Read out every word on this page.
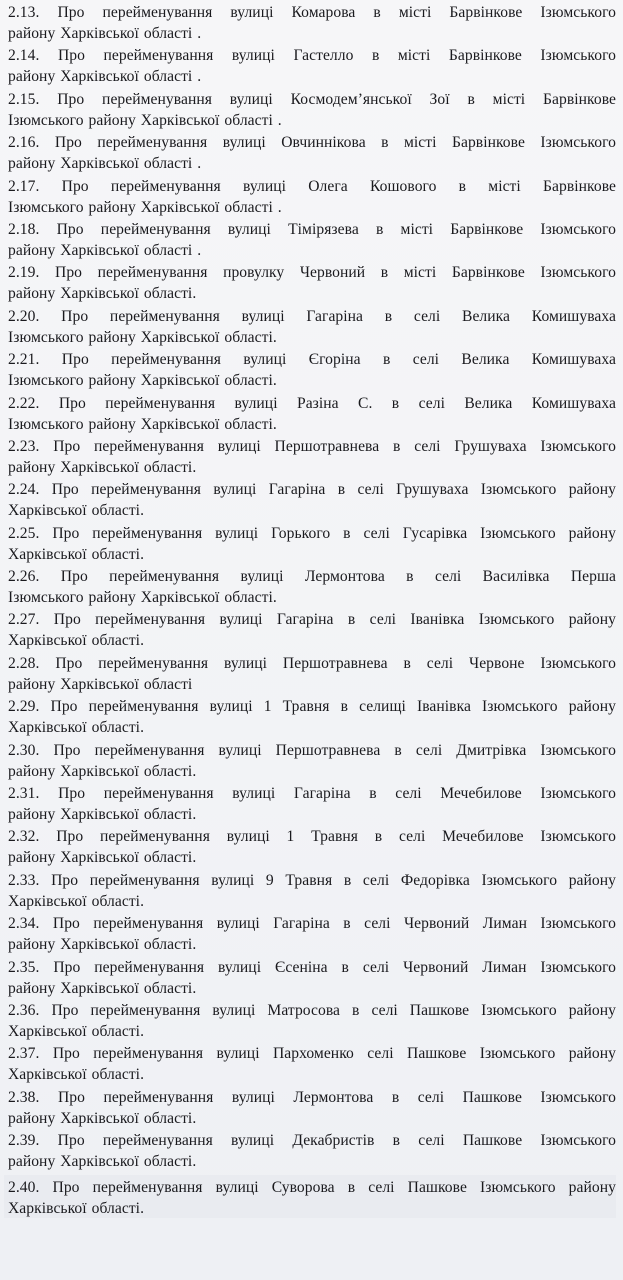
2.13. Про перейменування вулиці Комарова в місті Барвінкове Ізюмського
району Харківської області .
2.14. Про перейменування вулиці Гастелло в місті Барвінкове Ізюмського
району Харківської області .
2.15. Про перейменування вулиці Космодем’янської Зої в місті Барвінкове
Ізюмського району Харківської області .
2.16. Про перейменування вулиці Овчиннікова в місті Барвінкове Ізюмського
району Харківської області .
2.17. Про перейменування вулиці Олега Кошового в місті Барвінкове
Ізюмського району Харківської області .
2.18. Про перейменування вулиці Тімірязева в місті Барвінкове Ізюмського
району Харківської області .
2.19. Про перейменування провулку Червоний в місті Барвінкове Ізюмського
району Харківської області.
2.20. Про перейменування вулиці Гагаріна в селі Велика Комишуваха
Ізюмського району Харківської області.
2.21. Про перейменування вулиці Єгоріна в селі Велика Комишуваха
Ізюмського району Харківської області.
2.22. Про перейменування вулиці Разіна С. в селі Велика Комишуваха
Ізюмського району Харківської області.
2.23. Про перейменування вулиці Першотравнева в селі Грушуваха Ізюмського
району Харківської області.
2.24. Про перейменування вулиці Гагаріна в селі Грушуваха Ізюмського району
Харківської області.
2.25. Про перейменування вулиці Горького в селі Гусарівка Ізюмського району
Харківської області.
2.26. Про перейменування вулиці Лермонтова в селі Василівка Перша
Ізюмського району Харківської області.
2.27. Про перейменування вулиці Гагаріна в селі Іванівка Ізюмського району
Харківської області.
2.28. Про перейменування вулиці Першотравнева в селі Червоне Ізюмського
району Харківської області
2.29. Про перейменування вулиці 1 Травня в селищі Іванівка Ізюмського району
Харківської області.
2.30. Про перейменування вулиці Першотравнева в селі Дмитрівка Ізюмського
району Харківської області.
2.31. Про перейменування вулиці Гагаріна в селі Мечебилове Ізюмського
району Харківської області.
2.32. Про перейменування вулиці 1 Травня в селі Мечебилове Ізюмського
району Харківської області.
2.33. Про перейменування вулиці 9 Травня в селі Федорівка Ізюмського району
Харківської області.
2.34. Про перейменування вулиці Гагаріна в селі Червоний Лиман Ізюмського
району Харківської області.
2.35. Про перейменування вулиці Єсеніна в селі Червоний Лиман Ізюмського
району Харківської області.
2.36. Про перейменування вулиці Матросова в селі Пашкове Ізюмського району
Харківської області.
2.37. Про перейменування вулиці Пархоменко селі Пашкове Ізюмського району
Харківської області.
2.38. Про перейменування вулиці Лермонтова в селі Пашкове Ізюмського
району Харківської області.
2.39. Про перейменування вулиці Декабристів в селі Пашкове Ізюмського
району Харківської області.
2.40. Про перейменування вулиці Суворова в селі Пашкове Ізюмського району
Харківської області.
